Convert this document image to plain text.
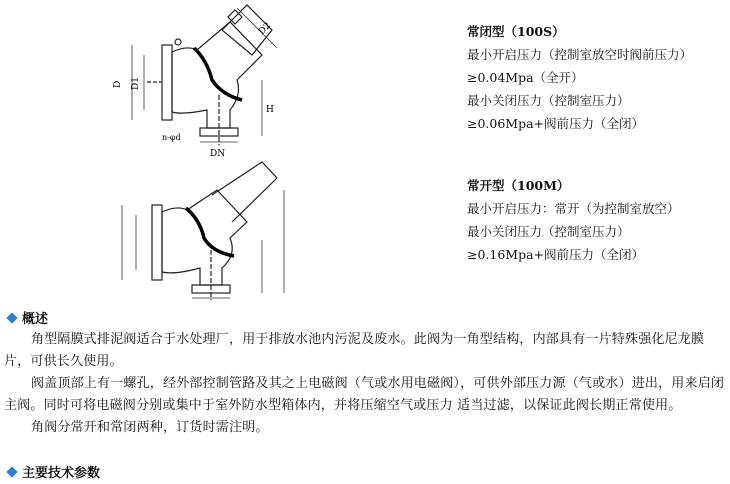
D D1
D2
H
DN
n-φd
常闭型（100S）
最小开启压力（控制室放空时阀前压力）
≥0.04Mpa（全开）
最小关闭压力（控制室压力）
≥0.06Mpa+阀前压力（全闭）
常开型（100M）
最小开启压力：常开（为控制室放空）
最小关闭压力（控制室压力）
≥0.16Mpa+阀前压力（全闭）
概述

角型隔膜式排泥阀适合于水处理厂，用于排放水池内污泥及废水。此阀为一角型结构，内部具有一片特殊强化尼龙膜片，可供长久使用。

阀盖顶部上有一螺孔，经外部控制管路及其之上电磁阀（气或水用电磁阀），可供外部压力源（气或水）进出，用来启闭主阀。同时可将电磁阀分别或集中于室外防水型箱体内，并将压缩空气或压力 适当过滤，以保证此阀长期正常使用。

角阀分常开和常闭两种，订货时需注明。

主要技术参数
